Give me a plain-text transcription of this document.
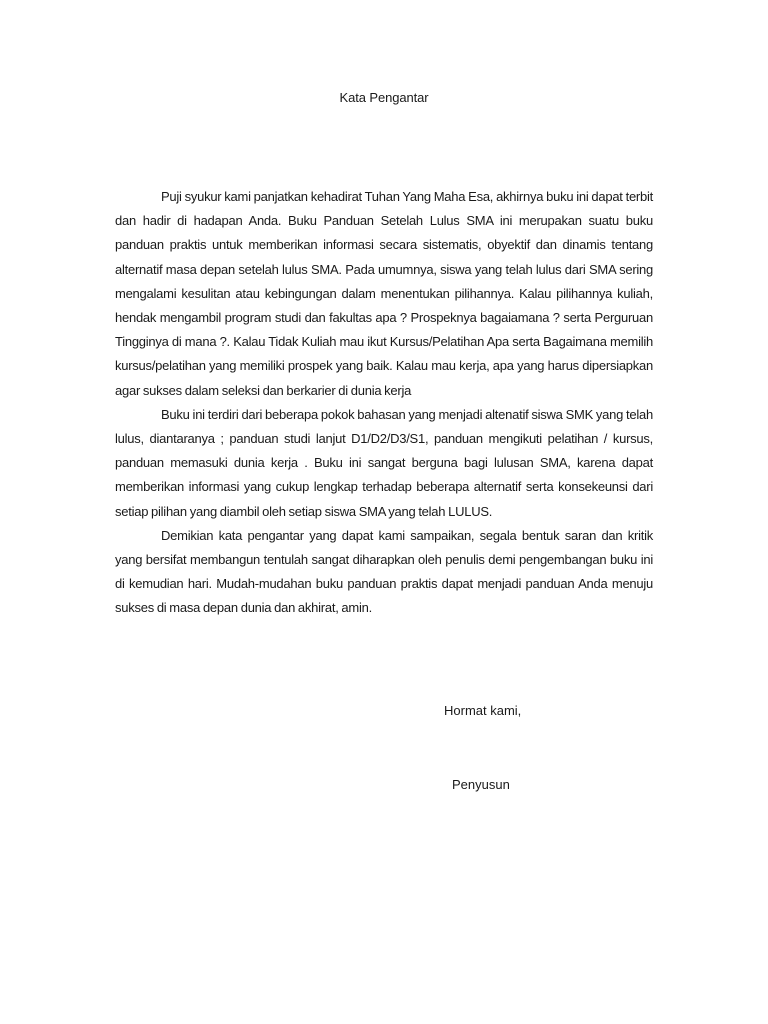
Kata Pengantar

Puji syukur kami panjatkan kehadirat Tuhan Yang Maha Esa, akhirnya buku ini dapat terbit dan hadir di hadapan Anda. Buku Panduan Setelah Lulus SMA ini merupakan suatu buku panduan praktis untuk memberikan informasi secara sistematis, obyektif dan dinamis tentang alternatif masa depan setelah lulus SMA. Pada umumnya, siswa yang telah lulus dari SMA sering mengalami kesulitan atau kebingungan dalam menentukan pilihannya. Kalau pilihannya kuliah, hendak mengambil program studi dan fakultas apa ? Prospeknya bagaiamana ? serta Perguruan Tingginya di mana ?. Kalau Tidak Kuliah mau ikut Kursus/Pelatihan Apa serta Bagaimana memilih kursus/pelatihan yang memiliki prospek yang baik. Kalau mau kerja, apa yang harus dipersiapkan agar sukses dalam seleksi dan berkarier di dunia kerja

Buku ini terdiri dari beberapa pokok bahasan yang menjadi altenatif siswa SMK yang telah lulus, diantaranya ; panduan studi lanjut D1/D2/D3/S1, panduan mengikuti pelatihan / kursus, panduan memasuki dunia kerja . Buku ini sangat berguna bagi lulusan SMA, karena dapat memberikan informasi yang cukup lengkap terhadap beberapa alternatif serta konsekeunsi dari setiap pilihan yang diambil oleh setiap siswa SMA yang telah LULUS.

Demikian kata pengantar yang dapat kami sampaikan, segala bentuk saran dan kritik yang bersifat membangun tentulah sangat diharapkan oleh penulis demi pengembangan buku ini di kemudian hari. Mudah-mudahan buku panduan praktis dapat menjadi panduan Anda menuju sukses di masa depan dunia dan akhirat, amin.

Hormat kami,
Penyusun
